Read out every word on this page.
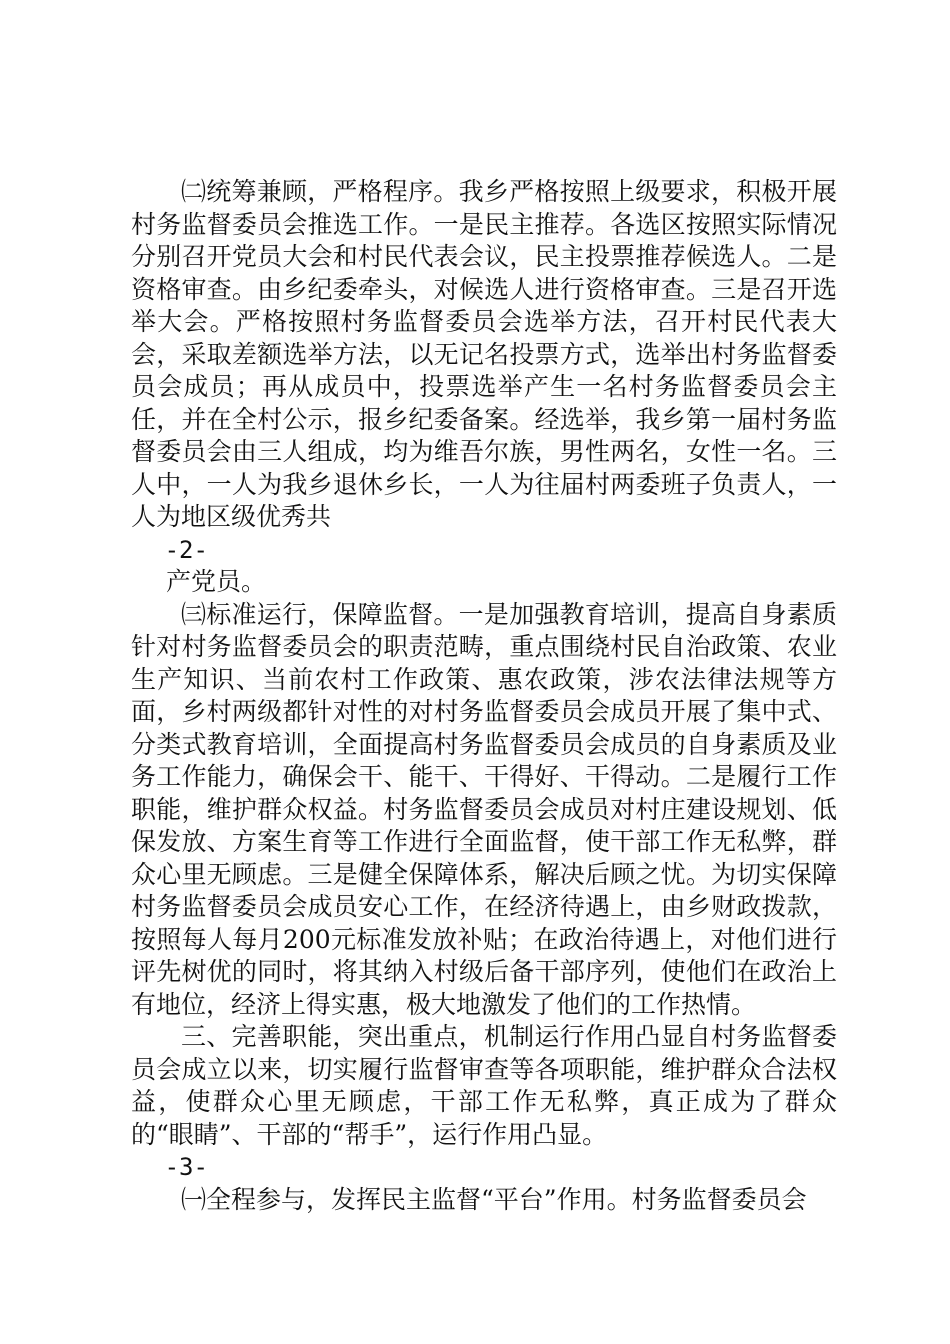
㈡统筹兼顾，严格程序。我乡严格按照上级要求，积极开展村务监督委员会推选工作。一是民主推荐。各选区按照实际情况分别召开党员大会和村民代表会议，民主投票推荐候选人。二是资格审查。由乡纪委牵头，对候选人进行资格审查。三是召开选举大会。严格按照村务监督委员会选举方法，召开村民代表大会，采取差额选举方法，以无记名投票方式，选举出村务监督委员会成员；再从成员中，投票选举产生一名村务监督委员会主任，并在全村公示，报乡纪委备案。经选举，我乡第一届村务监督委员会由三人组成，均为维吾尔族，男性两名，女性一名。三人中，一人为我乡退休乡长，一人为往届村两委班子负责人，一人为地区级优秀共

-2-

产党员。

㈢标准运行，保障监督。一是加强教育培训，提高自身素质针对村务监督委员会的职责范畴，重点围绕村民自治政策、农业生产知识、当前农村工作政策、惠农政策，涉农法律法规等方面，乡村两级都针对性的对村务监督委员会成员开展了集中式、分类式教育培训，全面提高村务监督委员会成员的自身素质及业务工作能力，确保会干、能干、干得好、干得动。二是履行工作职能，维护群众权益。村务监督委员会成员对村庄建设规划、低保发放、方案生育等工作进行全面监督，使干部工作无私弊，群众心里无顾虑。三是健全保障体系，解决后顾之忧。为切实保障村务监督委员会成员安心工作，在经济待遇上，由乡财政拨款，按照每人每月200元标准发放补贴；在政治待遇上，对他们进行评先树优的同时，将其纳入村级后备干部序列，使他们在政治上有地位，经济上得实惠，极大地激发了他们的工作热情。

三、完善职能，突出重点，机制运行作用凸显自村务监督委员会成立以来，切实履行监督审查等各项职能，维护群众合法权益，使群众心里无顾虑，干部工作无私弊，真正成为了群众的“眼睛”、干部的“帮手”，运行作用凸显。

-3-

㈠全程参与，发挥民主监督“平台”作用。村务监督委员会
